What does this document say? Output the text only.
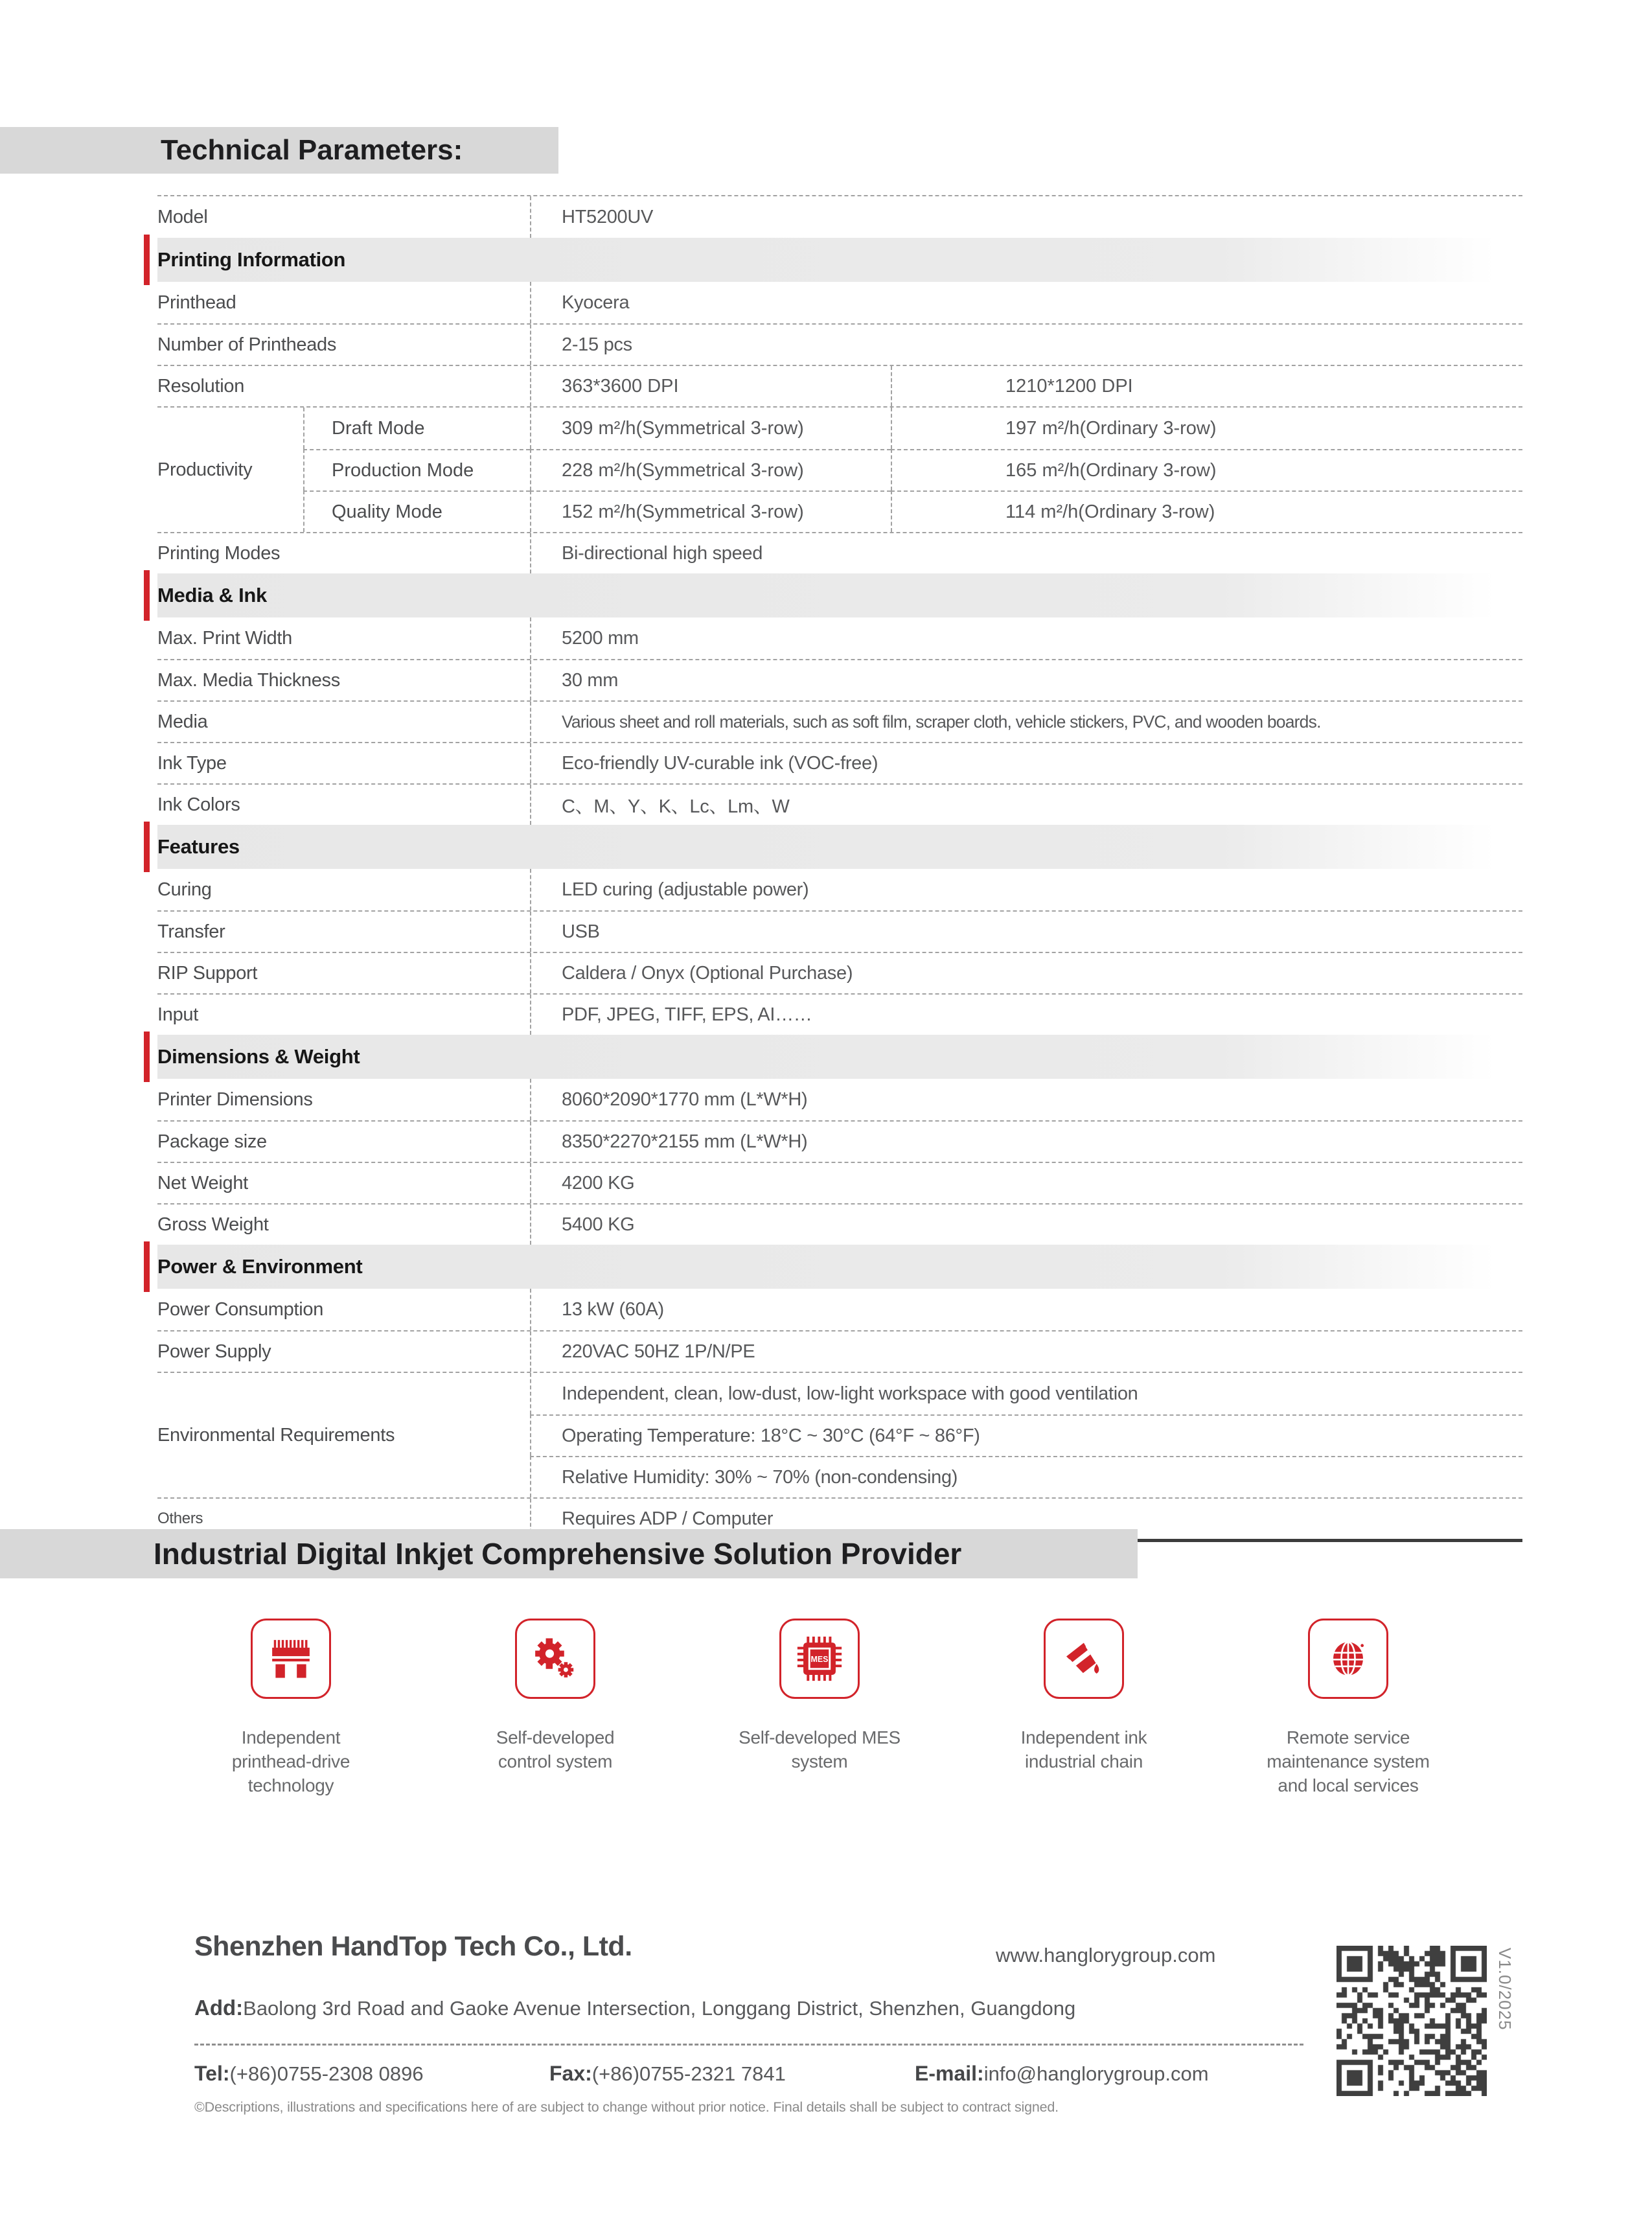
Technical Parameters:
Model	HT5200UV
Printing Information
Printhead	Kyocera
Number of Printheads	2-15 pcs
Resolution	363*3600 DPI	1210*1200 DPI
Productivity
Draft Mode	309 m²/h(Symmetrical 3-row)	197 m²/h(Ordinary 3-row)
Production Mode	228 m²/h(Symmetrical 3-row)	165 m²/h(Ordinary 3-row)
Quality Mode	152 m²/h(Symmetrical 3-row)	114 m²/h(Ordinary 3-row)
Printing Modes	Bi-directional high speed
Media & Ink
Max. Print Width	5200 mm
Max. Media Thickness	30 mm
Media	Various sheet and roll materials, such as soft film, scraper cloth, vehicle stickers, PVC, and wooden boards.
Ink Type	Eco-friendly UV-curable ink (VOC-free)
Ink Colors	C、M、Y、K、Lc、Lm、W
Features
Curing	LED curing (adjustable power)
Transfer	USB
RIP Support	Caldera / Onyx (Optional Purchase)
Input	PDF, JPEG, TIFF, EPS, AI……
Dimensions & Weight
Printer Dimensions	8060*2090*1770 mm (L*W*H)
Package size	8350*2270*2155 mm (L*W*H)
Net Weight	4200 KG
Gross Weight	5400 KG
Power & Environment
Power Consumption	13 kW (60A)
Power Supply	220VAC 50HZ 1P/N/PE
Environmental Requirements
Independent, clean, low-dust, low-light workspace with good ventilation
Operating Temperature: 18°C ~ 30°C (64°F ~ 86°F)
Relative Humidity: 30% ~ 70% (non-condensing)
Others	Requires ADP / Computer
Industrial Digital Inkjet Comprehensive Solution Provider
Independent printhead-drive technology
Self-developed control system
MES
Self-developed MES system
Independent ink industrial chain
Remote service maintenance system and local services
Shenzhen HandTop Tech Co., Ltd.	www.hanglorygroup.com
Add:Baolong 3rd Road and Gaoke Avenue Intersection, Longgang District, Shenzhen, Guangdong
Tel:(+86)0755-2308 0896	Fax:(+86)0755-2321 7841	E-mail:info@hanglorygroup.com
©Descriptions, illustrations and specifications here of are subject to change without prior notice. Final details shall be subject to contract signed.
V1.0/2025
